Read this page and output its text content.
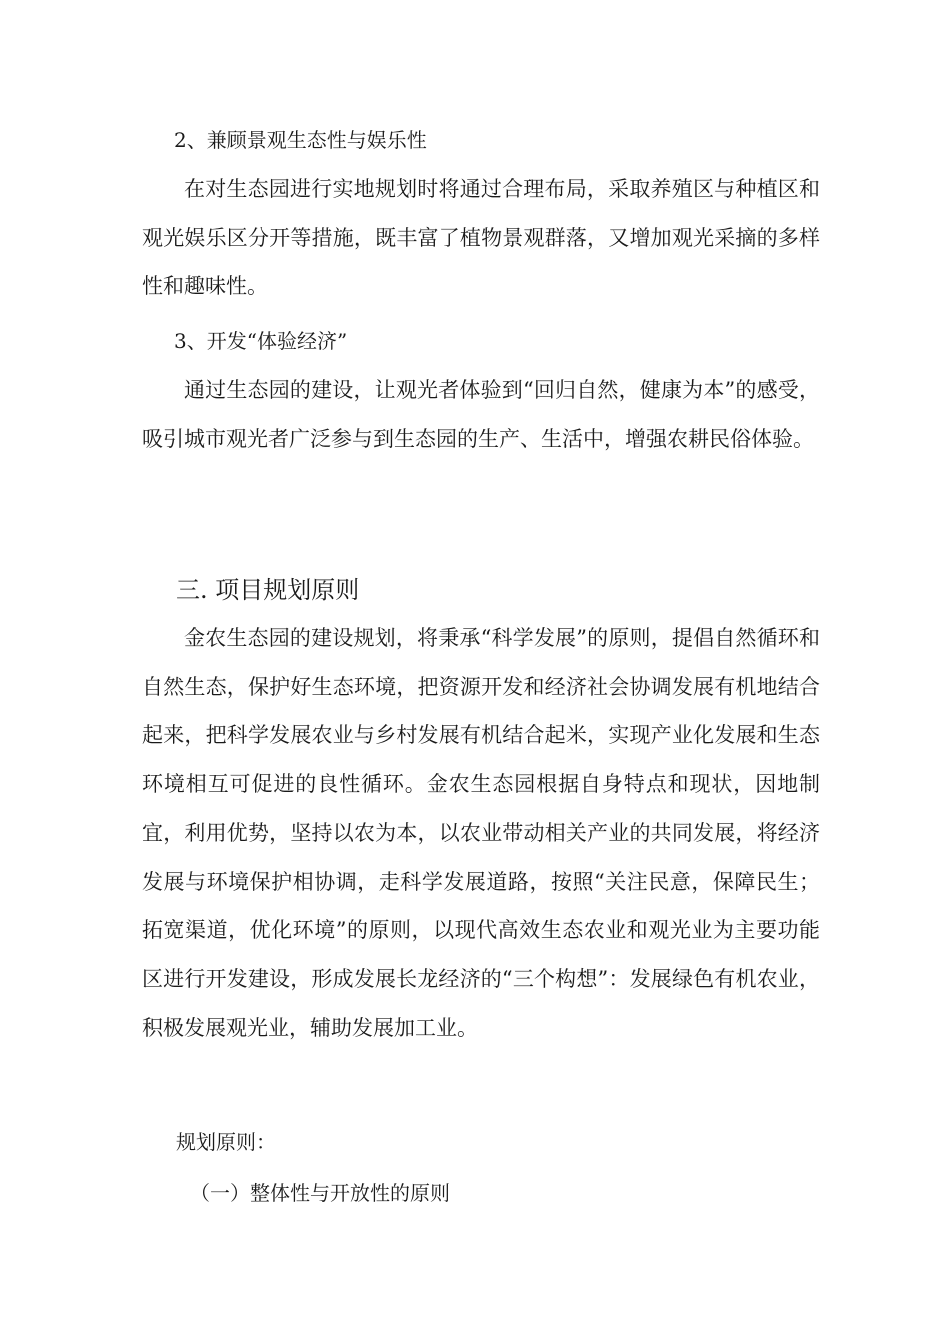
2、兼顾景观生态性与娱乐性
在对生态园进行实地规划时将通过合理布局，采取养殖区与种植区和观光娱乐区分开等措施，既丰富了植物景观群落，又增加观光采摘的多样性和趣味性。
3、开发“体验经济”
通过生态园的建设，让观光者体验到“回归自然，健康为本”的感受，吸引城市观光者广泛参与到生态园的生产、生活中，增强农耕民俗体验。
三. 项目规划原则
金农生态园的建设规划，将秉承“科学发展”的原则，提倡自然循环和自然生态，保护好生态环境，把资源开发和经济社会协调发展有机地结合起来，把科学发展农业与乡村发展有机结合起米，实现产业化发展和生态环境相互可促进的良性循环。金农生态园根据自身特点和现状，因地制宜，利用优势，坚持以农为本，以农业带动相关产业的共同发展，将经济发展与环境保护相协调，走科学发展道路，按照“关注民意，保障民生；拓宽渠道，优化环境”的原则，以现代高效生态农业和观光业为主要功能区进行开发建设，形成发展长龙经济的“三个构想”：发展绿色有机农业，积极发展观光业，辅助发展加工业。
规划原则：
（一）整体性与开放性的原则
